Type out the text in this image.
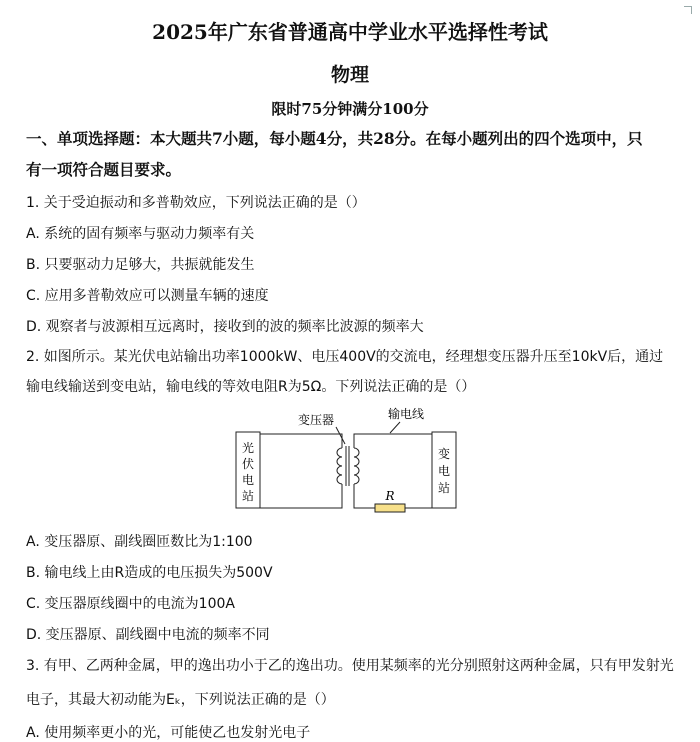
2025年广东省普通高中学业水平选择性考试
物理
限时75分钟满分100分
一、单项选择题：本大题共7小题，每小题4分，共28分。在每小题列出的四个选项中，只
有一项符合题目要求。
1. 关于受迫振动和多普勒效应，下列说法正确的是（）
A. 系统的固有频率与驱动力频率有关
B. 只要驱动力足够大，共振就能发生
C. 应用多普勒效应可以测量车辆的速度
D. 观察者与波源相互远离时，接收到的波的频率比波源的频率大
2. 如图所示。某光伏电站输出功率1000kW、电压400V的交流电，经理想变压器升压至10kV后，通过
输电线输送到变电站，输电线的等效电阻R为5Ω。下列说法正确的是（）
光
伏
电
站
变
电
站
R
变压器	输电线
A. 变压器原、副线圈匝数比为1:100
B. 输电线上由R造成的电压损失为500V
C. 变压器原线圈中的电流为100A
D. 变压器原、副线圈中电流的频率不同
3. 有甲、乙两种金属，甲的逸出功小于乙的逸出功。使用某频率的光分别照射这两种金属，只有甲发射光
电子，其最大初动能为Eₖ，下列说法正确的是（）
A. 使用频率更小的光，可能使乙也发射光电子
